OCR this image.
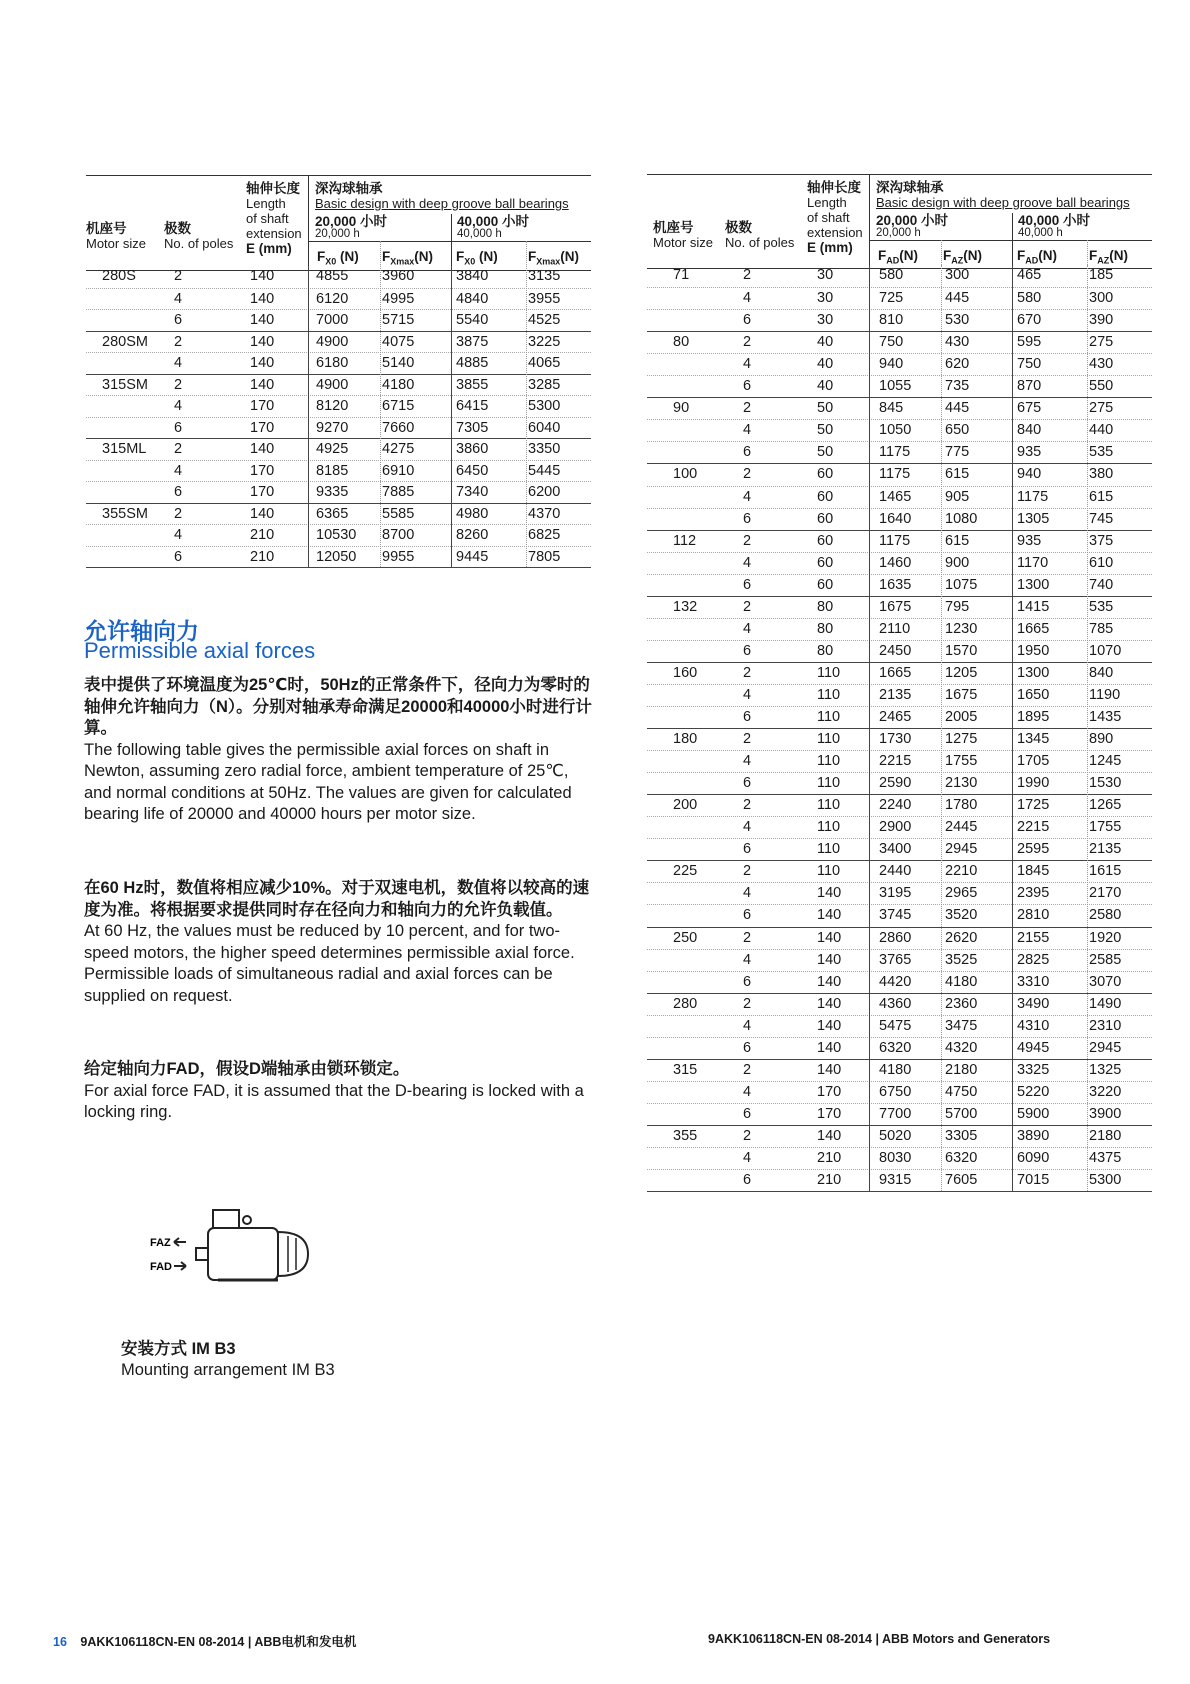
轴伸长度
Length
of shaft
extension
E (mm)
机座号
Motor size
极数
No. of poles
深沟球轴承
Basic design with deep groove ball bearings
20,000 小时
20,000 h
40,000 小时
40,000 h
$F_{X0}$ (N) $F_{Xmax}(N)$ $F_{X0}$ (N) $F_{Xmax}(N)$
280S	2	140	4855 3960	3840	3135
4	140	6120 4995	4840	3955
6	140	7000 5715	5540	4525
280SM 2	140	4900 4075	3875	3225
4	140	6180 5140	4885	4065
315SM 2	140	4900 4180	3855	3285
4	170	8120 6715	6415	5300
6	170	9270 7660	7305	6040
315ML 2	140	4925 4275	3860	3350
4	170	8185 6910	6450	5445
6	170	9335 7885	7340	6200
355SM 2	140	6365 5585	4980	4370
4	210	10530 8700	8260	6825
6	210	12050 9955	9445	7805
轴伸长度
Length
of shaft
extension
E (mm)
机座号
Motor size
极数
No. of poles
深沟球轴承
Basic design with deep groove ball bearings
20,000 小时
20,000 h
40,000 小时
40,000 h
$F_{AD}(N)$ $F_{AZ}(N)$	$F_{AD}(N)$ $F_{AZ}(N)$
71	2	30	580	300	465	185
4	30	725	445	580	300
6	30	810	530	670	390
80	2	40	750	430	595	275
4	40	940	620	750	430
6	40	1055 735	870	550
90	2	50	845	445	675	275
4	50	1050 650	840	440
6	50	1175 775	935	535
100	2	60	1175 615	940	380
4	60	1465 905	1175	615
6	60	1640 1080	1305	745
112	2	60	1175 615	935	375
4	60	1460 900	1170	610
6	60	1635 1075	1300	740
132	2	80	1675 795	1415	535
4	80	2110 1230	1665	785
6	80	2450 1570	1950	1070
160	2	110	1665 1205	1300	840
4	110	2135 1675	1650	1190
6	110	2465 2005	1895	1435
180	2	110	1730 1275	1345	890
4	110	2215 1755	1705	1245
6	110	2590 2130	1990	1530
200	2	110	2240 1780	1725	1265
4	110	2900 2445	2215	1755
6	110	3400 2945	2595	2135
225	2	110	2440 2210	1845	1615
4	140	3195 2965	2395	2170
6	140	3745 3520	2810	2580
250	2	140	2860 2620	2155	1920
4	140	3765 3525	2825	2585
6	140	4420 4180	3310	3070
280	2	140	4360 2360	3490	1490
4	140	5475 3475	4310	2310
6	140	6320 4320	4945	2945
315	2	140	4180 2180	3325	1325
4	170	6750 4750	5220	3220
6	170	7700 5700	5900	3900
355	2	140	5020 3305	3890	2180
4	210	8030 6320	6090	4375
6	210	9315 7605	7015	5300
允许轴向力
Permissible axial forces
表中提供了环境温度为25℃时，50Hz的正常条件下，径向力为零时的轴伸允许轴向力（N）。分别对轴承寿命满足20000和40000小时进行计算。
The following table gives the permissible axial forces on shaft in Newton, assuming zero radial force, ambient temperature of 25℃, and normal conditions at 50Hz. The values are given for calculated bearing life of 20000 and 40000 hours per motor size.
在60 Hz时，数值将相应减少10%。对于双速电机，数值将以较高的速度为准。将根据要求提供同时存在径向力和轴向力的允许负载值。
At 60 Hz, the values must be reduced by 10 percent, and for two-speed motors, the higher speed determines permissible axial force. Permissible loads of simultaneous radial and axial forces can be supplied on request.
给定轴向力FAD，假设D端轴承由锁环锁定。
For axial force FAD, it is assumed that the D-bearing is locked with a locking ring.
FAZ
FAD
安装方式 IM B3
Mounting arrangement IM B3
16 9AKK106118CN-EN 08-2014 | ABB电机和发电机	9AKK106118CN-EN 08-2014 | ABB Motors and Generators
